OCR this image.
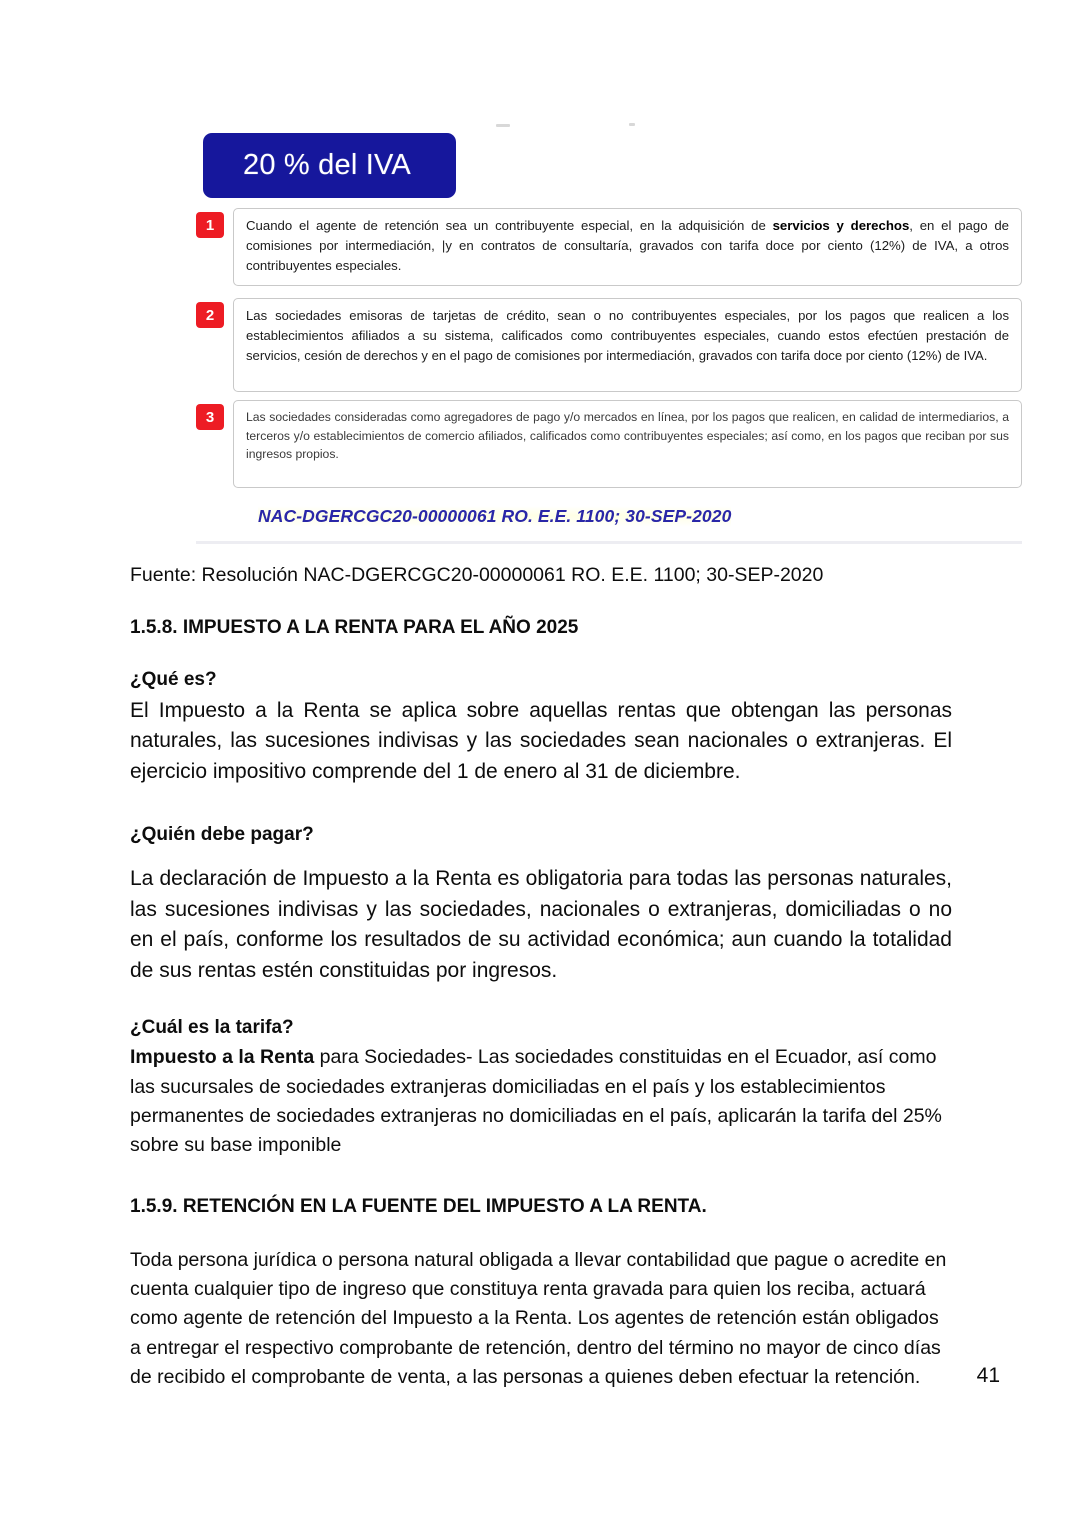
20 % del IVA
1	Cuando el agente de retención sea un contribuyente especial, en la adquisición de servicios y derechos, en el pago de comisiones por intermediación, |y en contratos de consultaría, gravados con tarifa doce por ciento (12%) de IVA, a otros contribuyentes especiales.
2	Las sociedades emisoras de tarjetas de crédito, sean o no contribuyentes especiales, por los pagos que realicen a los establecimientos afiliados a su sistema, calificados como contribuyentes especiales, cuando estos efectúen prestación de servicios, cesión de derechos y en el pago de comisiones por intermediación, gravados con tarifa doce por ciento (12%) de IVA.
3	Las sociedades consideradas como agregadores de pago y/o mercados en línea, por los pagos que realicen, en calidad de intermediarios, a terceros y/o establecimientos de comercio afiliados, calificados como contribuyentes especiales; así como, en los pagos que reciban por sus ingresos propios.
NAC-DGERCGC20-00000061 RO. E.E. 1100; 30-SEP-2020

Fuente: Resolución NAC-DGERCGC20-00000061 RO. E.E. 1100; 30-SEP-2020

1.5.8. IMPUESTO A LA RENTA PARA EL AÑO 2025

¿Qué es?

El Impuesto a la Renta se aplica sobre aquellas rentas que obtengan las personas naturales, las sucesiones indivisas y las sociedades sean nacionales o extranjeras. El ejercicio impositivo comprende del 1 de enero al 31 de diciembre.

¿Quién debe pagar?

La declaración de Impuesto a la Renta es obligatoria para todas las personas naturales, las sucesiones indivisas y las sociedades, nacionales o extranjeras, domiciliadas o no en el país, conforme los resultados de su actividad económica; aun cuando la totalidad de sus rentas estén constituidas por ingresos.

¿Cuál es la tarifa?

Impuesto a la Renta para Sociedades- Las sociedades constituidas en el Ecuador, así como las sucursales de sociedades extranjeras domiciliadas en el país y los establecimientos permanentes de sociedades extranjeras no domiciliadas en el país, aplicarán la tarifa del 25% sobre su base imponible

1.5.9. RETENCIÓN EN LA FUENTE DEL IMPUESTO A LA RENTA.

Toda persona jurídica o persona natural obligada a llevar contabilidad que pague o acredite en cuenta cualquier tipo de ingreso que constituya renta gravada para quien los reciba, actuará como agente de retención del Impuesto a la Renta. Los agentes de retención están obligados a entregar el respectivo comprobante de retención, dentro del término no mayor de cinco días de recibido el comprobante de venta, a las personas a quienes deben efectuar la retención.	41
